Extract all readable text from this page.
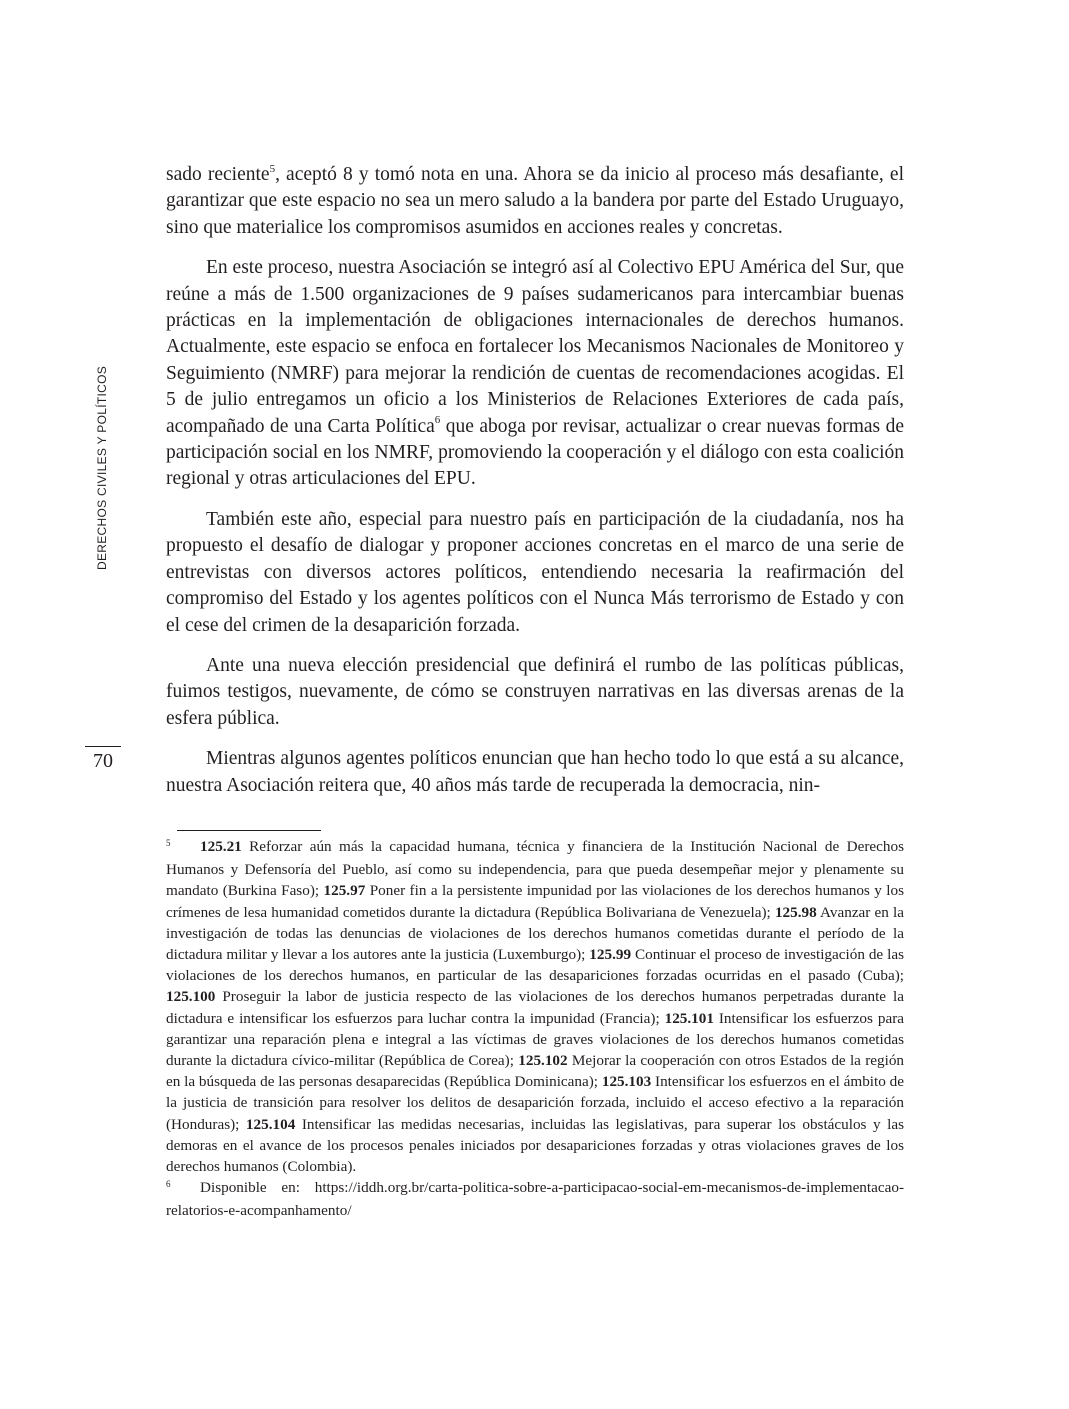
DERECHOS CIVILES Y POLÍTICOS
70

sado reciente$^5$, aceptó 8 y tomó nota en una. Ahora se da inicio al proceso más desafiante, el garantizar que este espacio no sea un mero saludo a la bandera por parte del Estado Uruguayo, sino que materialice los compromisos asumidos en acciones reales y concretas.

En este proceso, nuestra Asociación se integró así al Colectivo EPU América del Sur, que reúne a más de 1.500 organizaciones de 9 países sudamericanos para intercambiar buenas prácticas en la implementación de obligaciones internacionales de derechos humanos. Actualmente, este espacio se enfoca en fortalecer los Mecanismos Nacionales de Monitoreo y Seguimiento (NMRF) para mejorar la rendición de cuentas de recomendaciones acogidas. El 5 de julio entregamos un oficio a los Ministerios de Relaciones Exteriores de cada país, acompañado de una Carta Política$^6$ que aboga por revisar, actualizar o crear nuevas formas de participación social en los NMRF, promoviendo la cooperación y el diálogo con esta coalición regional y otras articulaciones del EPU.

También este año, especial para nuestro país en participación de la ciudadanía, nos ha propuesto el desafío de dialogar y proponer acciones concretas en el marco de una serie de entrevistas con diversos actores políticos, entendiendo necesaria la reafirmación del compromiso del Estado y los agentes políticos con el Nunca Más terrorismo de Estado y con el cese del crimen de la desaparición forzada.

Ante una nueva elección presidencial que definirá el rumbo de las políticas públicas, fuimos testigos, nuevamente, de cómo se construyen narrativas en las diversas arenas de la esfera pública.

Mientras algunos agentes políticos enuncian que han hecho todo lo que está a su alcance, nuestra Asociación reitera que, 40 años más tarde de recuperada la democracia, nin-

5 125.21 Reforzar aún más la capacidad humana, técnica y financiera de la Institución Nacional de Derechos Humanos y Defensoría del Pueblo, así como su independencia, para que pueda desempeñar mejor y plenamente su mandato (Burkina Faso); 125.97 Poner fin a la persistente impunidad por las violaciones de los derechos humanos y los crímenes de lesa humanidad cometidos durante la dictadura (República Bolivariana de Venezuela); 125.98 Avanzar en la investigación de todas las denuncias de violaciones de los derechos humanos cometidas durante el período de la dictadura militar y llevar a los autores ante la justicia (Luxemburgo); 125.99 Continuar el proceso de investigación de las violaciones de los derechos humanos, en particular de las desapariciones forzadas ocurridas en el pasado (Cuba); 125.100 Proseguir la labor de justicia respecto de las violaciones de los derechos humanos perpetradas durante la dictadura e intensificar los esfuerzos para luchar contra la impunidad (Francia); 125.101 Intensificar los esfuerzos para garantizar una reparación plena e integral a las víctimas de graves violaciones de los derechos humanos cometidas durante la dictadura cívico-militar (República de Corea); 125.102 Mejorar la cooperación con otros Estados de la región en la búsqueda de las personas desaparecidas (República Dominicana); 125.103 Intensificar los esfuerzos en el ámbito de la justicia de transición para resolver los delitos de desaparición forzada, incluido el acceso efectivo a la reparación (Honduras); 125.104 Intensificar las medidas necesarias, incluidas las legislativas, para superar los obstáculos y las demoras en el avance de los procesos penales iniciados por desapariciones forzadas y otras violaciones graves de los derechos humanos (Colombia).

6 Disponible en: https://iddh.org.br/carta-politica-sobre-a-participacao-social-em-mecanismos-de-implementacao-relatorios-e-acompanhamento/
